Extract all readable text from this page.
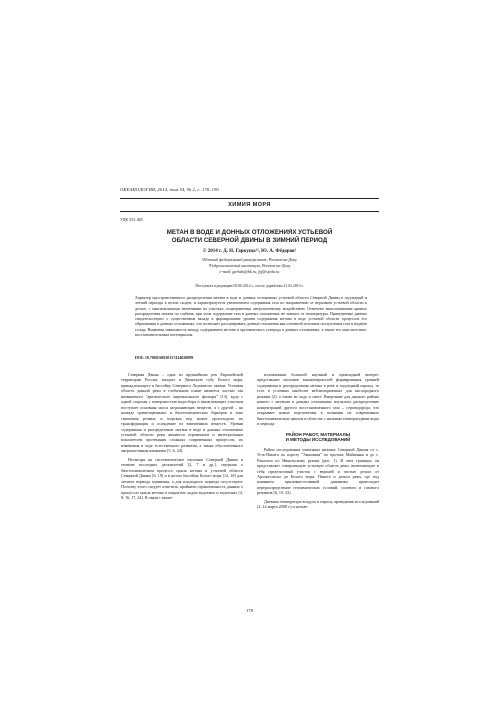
ОКЕАНОЛОГИЯ, 2014, том 54, № 2, с. 178–190
ХИМИЯ МОРЯ
УДК 551.465
МЕТАН В ВОДЕ И ДОННЫХ ОТЛОЖЕНИЯХ УСТЬЕВОЙ
ОБЛАСТИ СЕВЕРНОЙ ДВИНЫ В ЗИМНИЙ ПЕРИОД
© 2014 г. Д. Н. Гаркуша¹², Ю. А. Фёдоров¹
¹Южный федеральный университет, Ростов-на-Дону
²Гидрохимический институт, Ростов-на-Дону
e-mail: garkdn@bk.ru, fyf@sfedu.ru
Поступила в редакцию 05.06.2012 г., после доработки 21.02.2013 г.
Характер пространственного распределения метана в воде и донных отложениях устьевой области Северной Двины в подледный и летний периоды в целом сходен, и характеризуется увеличением содержания газа по направлению от верховьев устьевой области к дельте, с максимальными значениями на участках, подверженных антропогенному воздействию. Отмечено выполаживание кривых распределения метана по глубине, при этом содержание газа в донных отложениях не зависит от температуры. Приведенные данные свидетельствуют о существенном вкладе в формирование уровня содержания метана в воде устьевой области процессов его образования в донных отложениях, что позволяет рассматривать донные отложения как основной источник поступления газа в водную толщу. Выявлена зависимость между содержанием метана и органического углерода в донных отложениях, а также его окислительно-восстановительным потенциалом.
DOI: 10.7868/S0030157414020099

Северная Двина – одна из крупнейших рек Европейской территории России, впадает в Двинскую губу Белого моря, принадлежащего к бассейну Северного Ледовитого океана. Устьевая область данной реки в глобальном плане является частью так называемого "арктического маргинального фильтра" [13], куда с одной стороны с поверхностью водосбора и вышележащих участков поступает основная масса загрязняющих веществ, а с другой – на каскаде гравитационных и биогеохимических барьеров в зоне смешения речных и морских вод может происходить их трансформация и осаждение из взвешенных веществ. Уровни содержания и распределение метана в воде и донных отложениях устьевой области реки являются отражением и интегральным показателем протекания сложных современных процессов, их изменения в ходе естественного развития, а также обусловленного антропогенным влиянием [5, 6, 24].

Несмотря на систематическое изучение Северной Двины в течение последних десятилетий [2, 7 и др.], сведения о биогеохимическом процессе цикла метана в устьевой области Северной Двины [6, 19] и в целом бассейна Белого моря [12, 18] для летнего периода единичны, а для подледного периода отсутствуют. Поэтому этого следует отметить, крайнюю ограниченность данных о процессах цикла метана в покрытых льдом водоемах и водотоках [4, 8, 16, 17, 24]. В связи с выше-

изложенным большой научный и прикладной интерес представляет изучение закономерностей формирования уровней содержания и распределения метана в реке в подледный период, то есть в условиях наиболее неблагоприятных для кислородного режима [2], а также во льду и снеге. Вмерзание для данного района нашего с метаном в донных отложениях изучались распределение концентраций другого восстановленного газа – сероводорода, что открывает новые перспективы в познании их современных биогеохимических циклов в областях с низкими температурами воды и периода.

РАЙОН РАБОТ, МАТЕРИАЛЫ
И МЕТОДЫ ИССЛЕДОВАНИЙ

Район исследования охватывал низовье Северной Двины от с. Усть-Пинега по пороту "Экономия" по протоке Майманка и до с. Ракасиха по Никольскому рукаву (рис. 1). В этих границах он представляет совершенную устьевую область реки, включающую в себя предельтовый участок с верхней и частью дельта от Архангельска до Белого моря. Пинега и дельта реки, где под влиянием приливно-отливной динамики происходит перераспределение геохимических условий, солевого и газового режимов [6, 19, 23].

Дневная температура воздуха в период проведения исследований (2–14 марта 2008 г.) и ночью-

178
